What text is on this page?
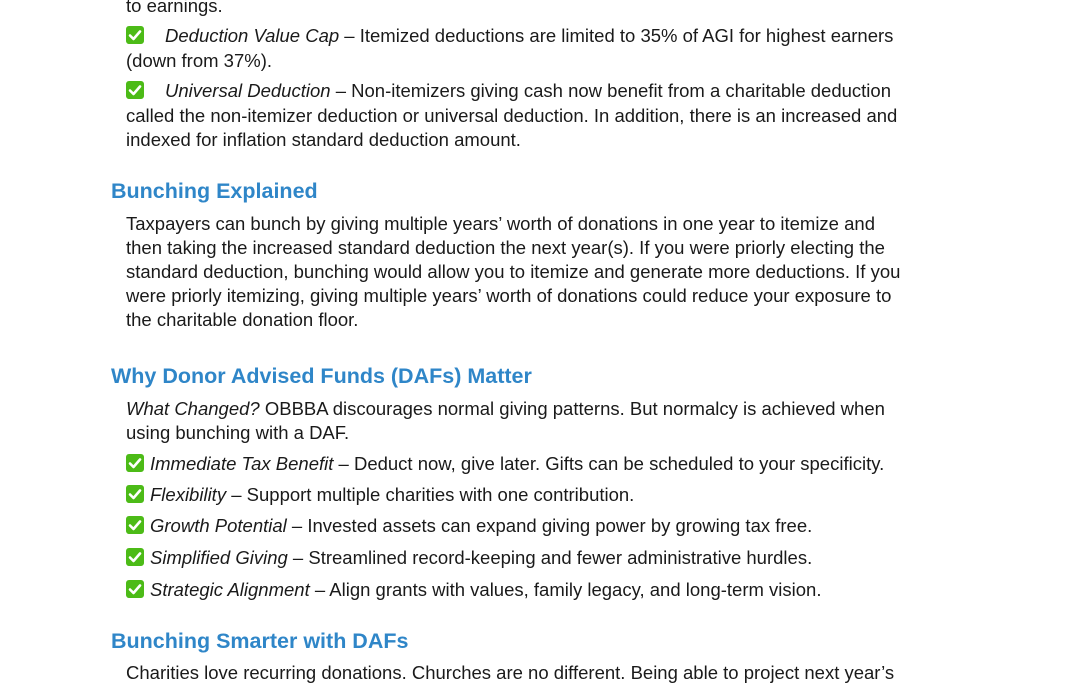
to earnings.
Deduction Value Cap – Itemized deductions are limited to 35% of AGI for highest earners
(down from 37%).
Universal Deduction – Non-itemizers giving cash now benefit from a charitable deduction
called the non-itemizer deduction or universal deduction. In addition, there is an increased and
indexed for inflation standard deduction amount.
Bunching Explained
Taxpayers can bunch by giving multiple years’ worth of donations in one year to itemize and
then taking the increased standard deduction the next year(s). If you were priorly electing the
standard deduction, bunching would allow you to itemize and generate more deductions. If you
were priorly itemizing, giving multiple years’ worth of donations could reduce your exposure to
the charitable donation floor.
Why Donor Advised Funds (DAFs) Matter
What Changed? OBBBA discourages normal giving patterns. But normalcy is achieved when
using bunching with a DAF.
Immediate Tax Benefit – Deduct now, give later. Gifts can be scheduled to your specificity.
Flexibility – Support multiple charities with one contribution.
Growth Potential – Invested assets can expand giving power by growing tax free.
Simplified Giving – Streamlined record-keeping and fewer administrative hurdles.
Strategic Alignment – Align grants with values, family legacy, and long-term vision.
Bunching Smarter with DAFs
Charities love recurring donations. Churches are no different. Being able to project next year’s
